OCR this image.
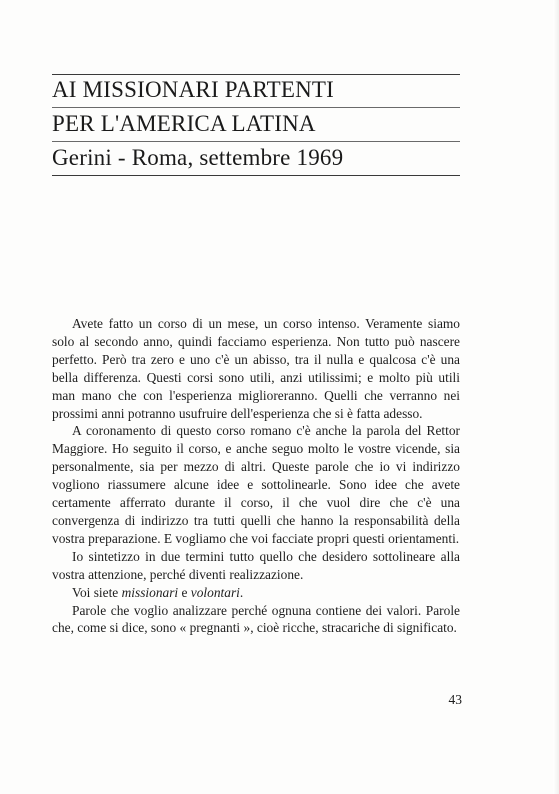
AI MISSIONARI PARTENTI
PER L'AMERICA LATINA
Gerini - Roma, settembre 1969

Avete fatto un corso di un mese, un corso intenso. Veramente siamo solo al secondo anno, quindi facciamo esperienza. Non tutto può nascere perfetto. Però tra zero e uno c'è un abisso, tra il nulla e qualcosa c'è una bella differenza. Questi corsi sono utili, anzi utilissimi; e molto più utili man mano che con l'esperienza miglioreranno. Quelli che verranno nei prossimi anni potranno usufruire dell'esperienza che si è fatta adesso.

A coronamento di questo corso romano c'è anche la parola del Rettor Maggiore. Ho seguito il corso, e anche seguo molto le vostre vicende, sia personalmente, sia per mezzo di altri. Queste parole che io vi indirizzo vogliono riassumere alcune idee e sottolinearle. Sono idee che avete certamente afferrato durante il corso, il che vuol dire che c'è una convergenza di indirizzo tra tutti quelli che hanno la responsabilità della vostra preparazione. E vogliamo che voi facciate propri questi orientamenti.

Io sintetizzo in due termini tutto quello che desidero sottolineare alla vostra attenzione, perché diventi realizzazione.

Voi siete missionari e volontari.

Parole che voglio analizzare perché ognuna contiene dei valori. Parole che, come si dice, sono « pregnanti », cioè ricche, stracariche di significato.

43
